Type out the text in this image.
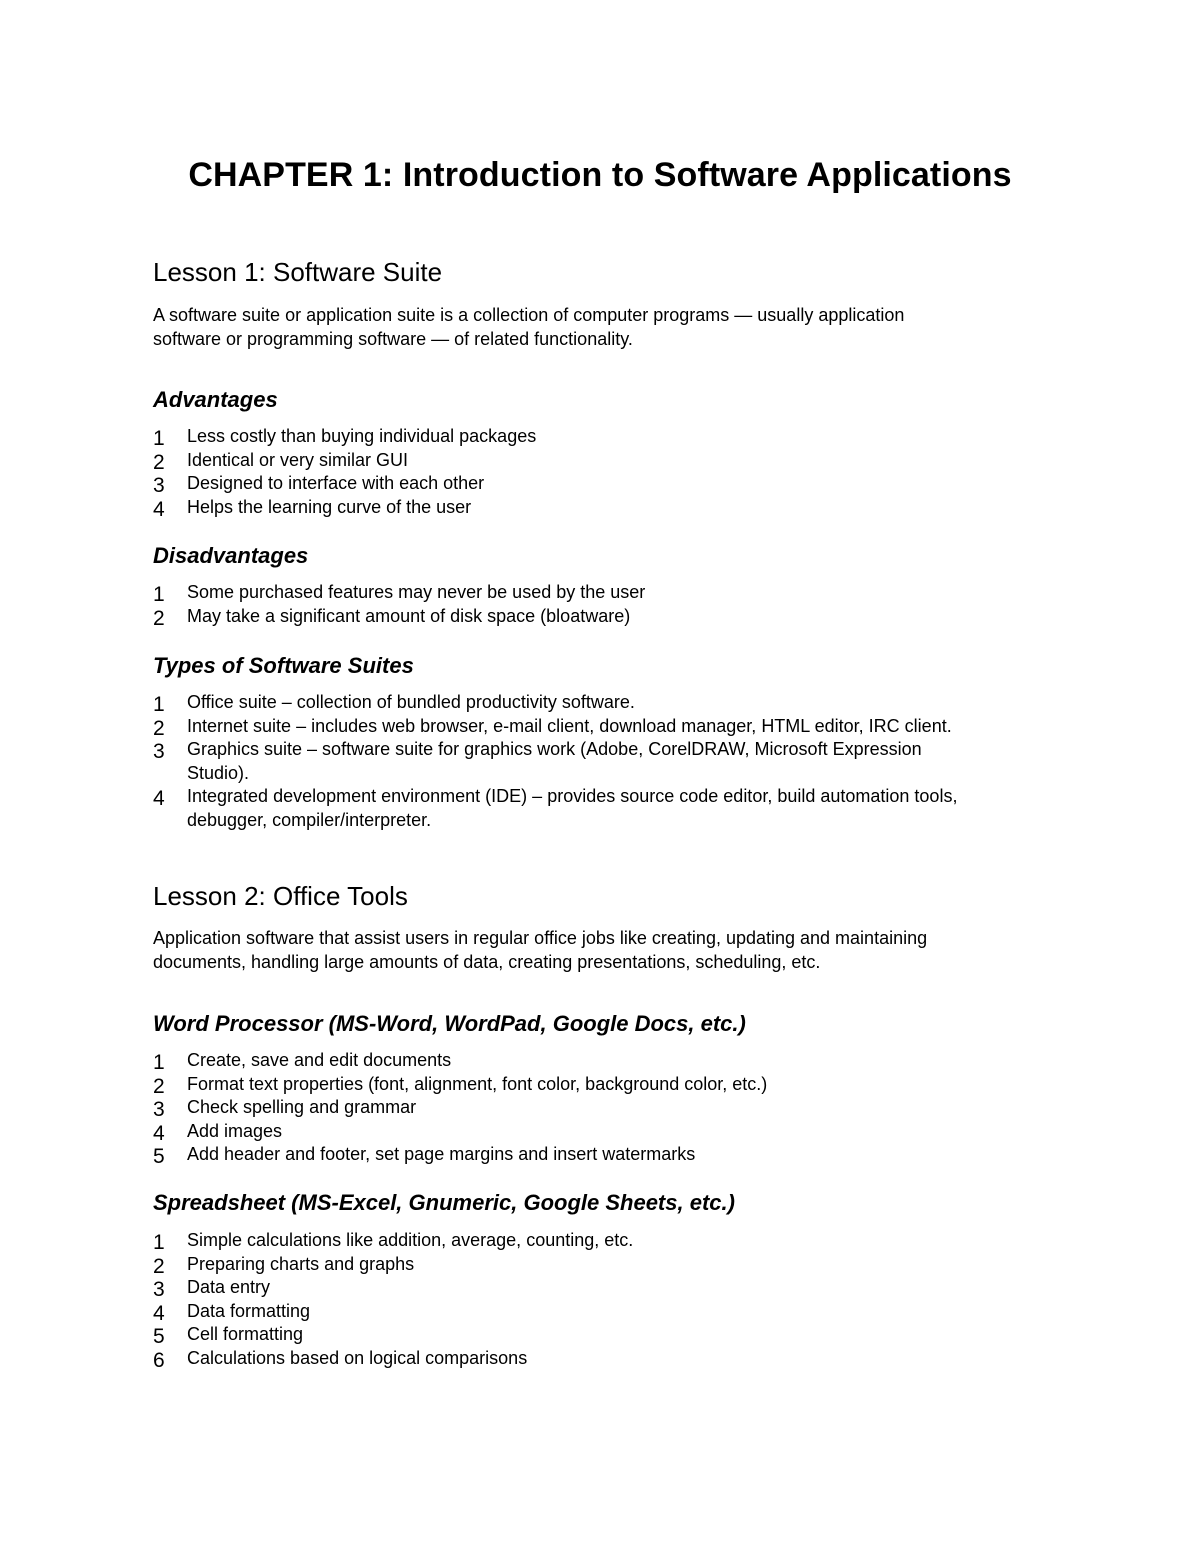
CHAPTER 1: Introduction to Software Applications
Lesson 1: Software Suite

A software suite or application suite is a collection of computer programs — usually application
software or programming software — of related functionality.

Advantages
1	Less costly than buying individual packages
2	Identical or very similar GUI
3	Designed to interface with each other
4	Helps the learning curve of the user
Disadvantages
1	Some purchased features may never be used by the user
2	May take a significant amount of disk space (bloatware)
Types of Software Suites
1	Office suite – collection of bundled productivity software.
2	Internet suite – includes web browser, e-mail client, download manager, HTML editor, IRC client.
3	Graphics suite – software suite for graphics work (Adobe, CorelDRAW, Microsoft Expression
Studio).
4	Integrated development environment (IDE) – provides source code editor, build automation tools,
debugger, compiler/interpreter.
Lesson 2: Office Tools

Application software that assist users in regular office jobs like creating, updating and maintaining
documents, handling large amounts of data, creating presentations, scheduling, etc.

Word Processor (MS-Word, WordPad, Google Docs, etc.)
1	Create, save and edit documents
2	Format text properties (font, alignment, font color, background color, etc.)
3	Check spelling and grammar
4	Add images
5	Add header and footer, set page margins and insert watermarks
Spreadsheet (MS-Excel, Gnumeric, Google Sheets, etc.)
1	Simple calculations like addition, average, counting, etc.
2	Preparing charts and graphs
3	Data entry
4	Data formatting
5	Cell formatting
6	Calculations based on logical comparisons
